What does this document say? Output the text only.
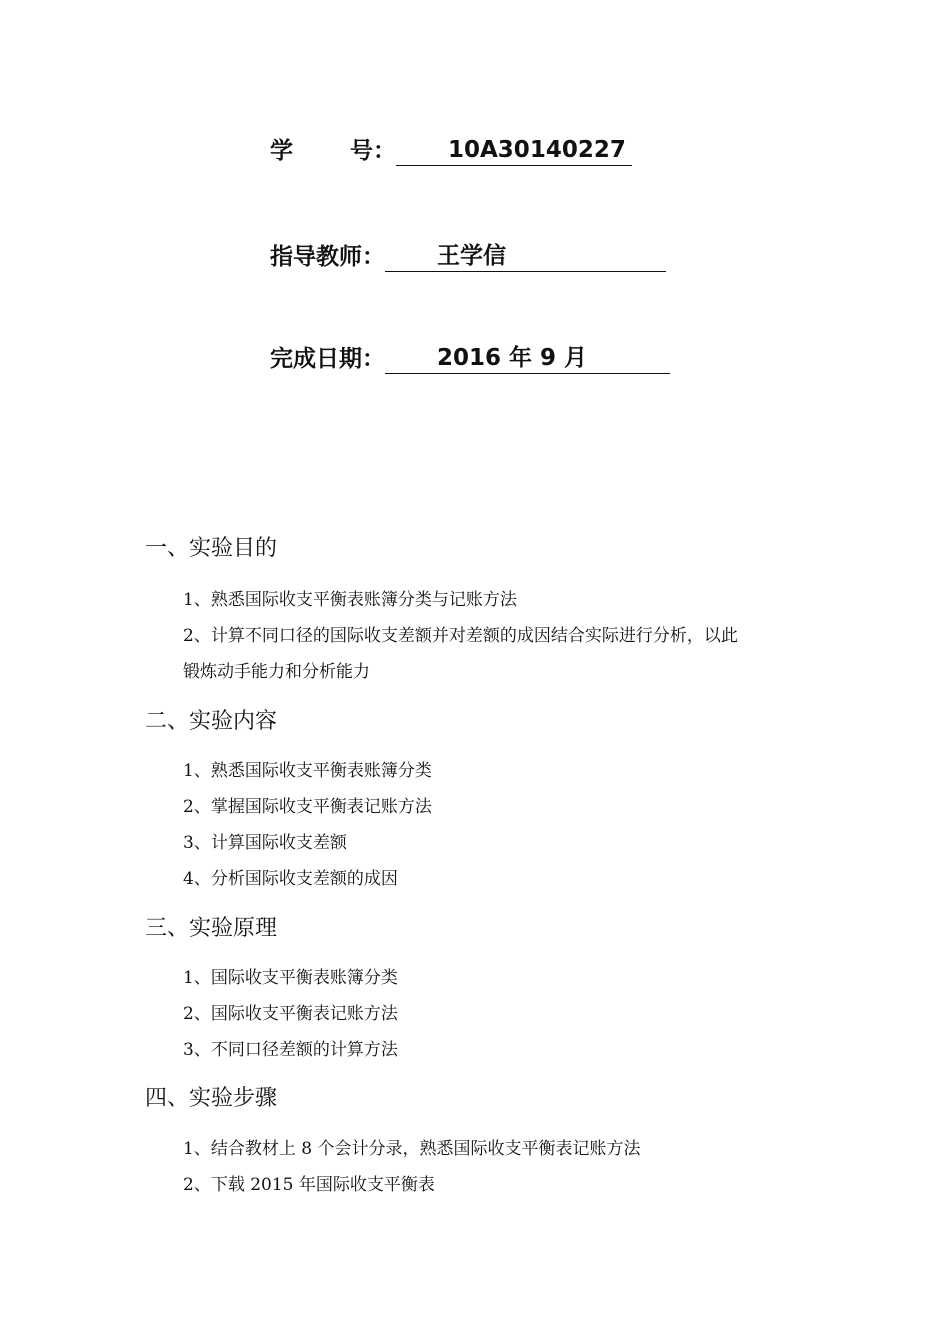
学 号：	10A30140227
指导教师：	王学信
完成日期：	2016 年 9 月
一、实验目的
1、熟悉国际收支平衡表账簿分类与记账方法
2、计算不同口径的国际收支差额并对差额的成因结合实际进行分析，以此
锻炼动手能力和分析能力
二、实验内容
1、熟悉国际收支平衡表账簿分类
2、掌握国际收支平衡表记账方法
3、计算国际收支差额
4、分析国际收支差额的成因
三、实验原理
1、国际收支平衡表账簿分类
2、国际收支平衡表记账方法
3、不同口径差额的计算方法
四、实验步骤
1、结合教材上 8 个会计分录，熟悉国际收支平衡表记账方法
2、下载 2015 年国际收支平衡表
